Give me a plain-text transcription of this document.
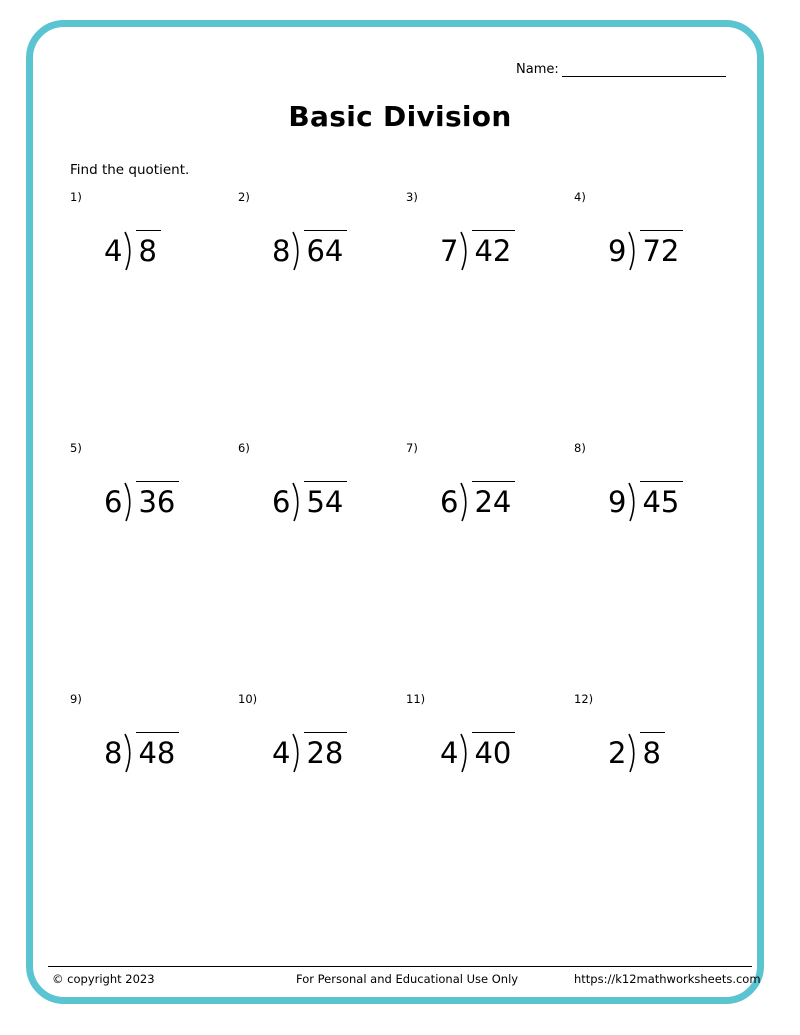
Name:
Basic Division
Find the quotient.
1)
4 8
2)
8 64
3)
7 42
4)
9 72
5)
6 36
6)
6 54
7)
6 24
8)
9 45
9)
8 48
10)
4 28
11)
4 40
12)
2 8
© copyright 2023	For Personal and Educational Use Only	https://k12mathworksheets.com
